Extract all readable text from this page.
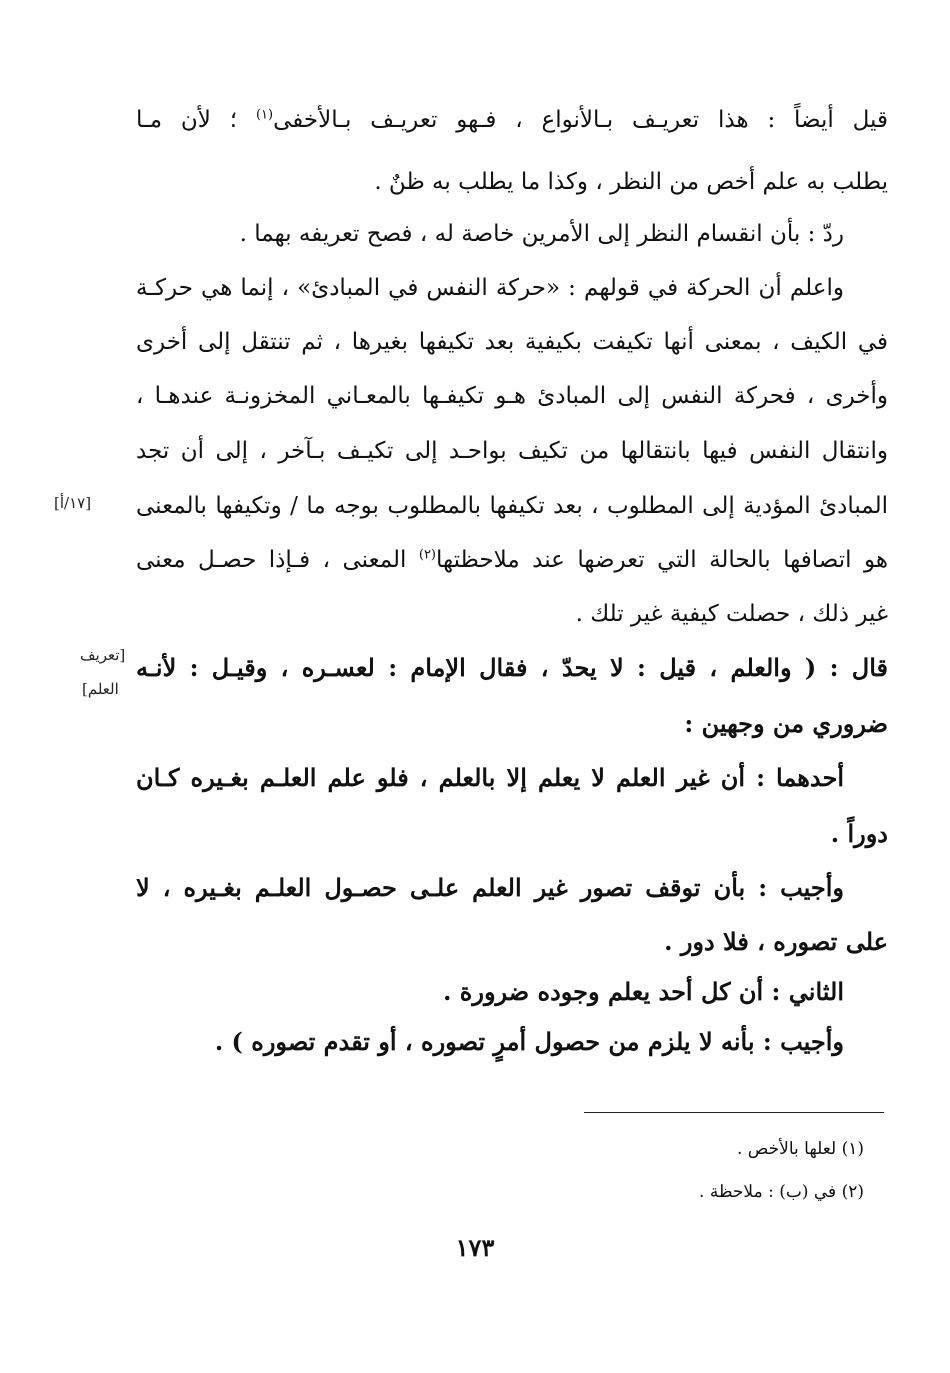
قيل أيضاً : هذا تعريـف بـالأنواع ، فـهو تعريـف بـالأخفى$^{(١)}$ ؛ لأن مـا
يطلب به علم أخص من النظر ، وكذا ما يطلب به ظنٌ .
ردّ : بأن انقسام النظر إلى الأمرين خاصة له ، فصح تعريفه بهما .
واعلم أن الحركة في قولهم : «حركة النفس في المبادئ» ، إنما هي حركـة
في الكيف ، بمعنى أنها تكيفت بكيفية بعد تكيفها بغيرها ، ثم تنتقل إلى أخرى
وأخرى ، فحركة النفس إلى المبادئ هـو تكيفـها بالمعـاني المخزونـة عندهـا ،
وانتقال النفس فيها بانتقالها من تكيف بواحـد إلى تكيـف بـآخر ، إلى أن تجد
المبادئ المؤدية إلى المطلوب ، بعد تكيفها بالمطلوب بوجه ما / وتكيفها بالمعنى
هو اتصافها بالحالة التي تعرضها عند ملاحظتها$^{(٢)}$ المعنى ، فـإذا حصـل معنى
غير ذلك ، حصلت كيفية غير تلك .
قال : ( والعلم ، قيل : لا يحدّ ، فقال الإمام : لعسـره ، وقيـل : لأنـه
ضروري من وجهين :
أحدهما : أن غير العلم لا يعلم إلا بالعلم ، فلو علم العلـم بغـيره كـان
دوراً .
وأجيب : بأن توقف تصور غير العلم علـى حصـول العلـم بغـيره ، لا
على تصوره ، فلا دور .
الثاني : أن كل أحد يعلم وجوده ضرورة .
وأجيب : بأنه لا يلزم من حصول أمرٍ تصوره ، أو تقدم تصوره ) .
[١٧/أ]
[تعريف
العلم]
(١) لعلها بالأخص .
(٢) في (ب) : ملاحظة .
١٧٣
